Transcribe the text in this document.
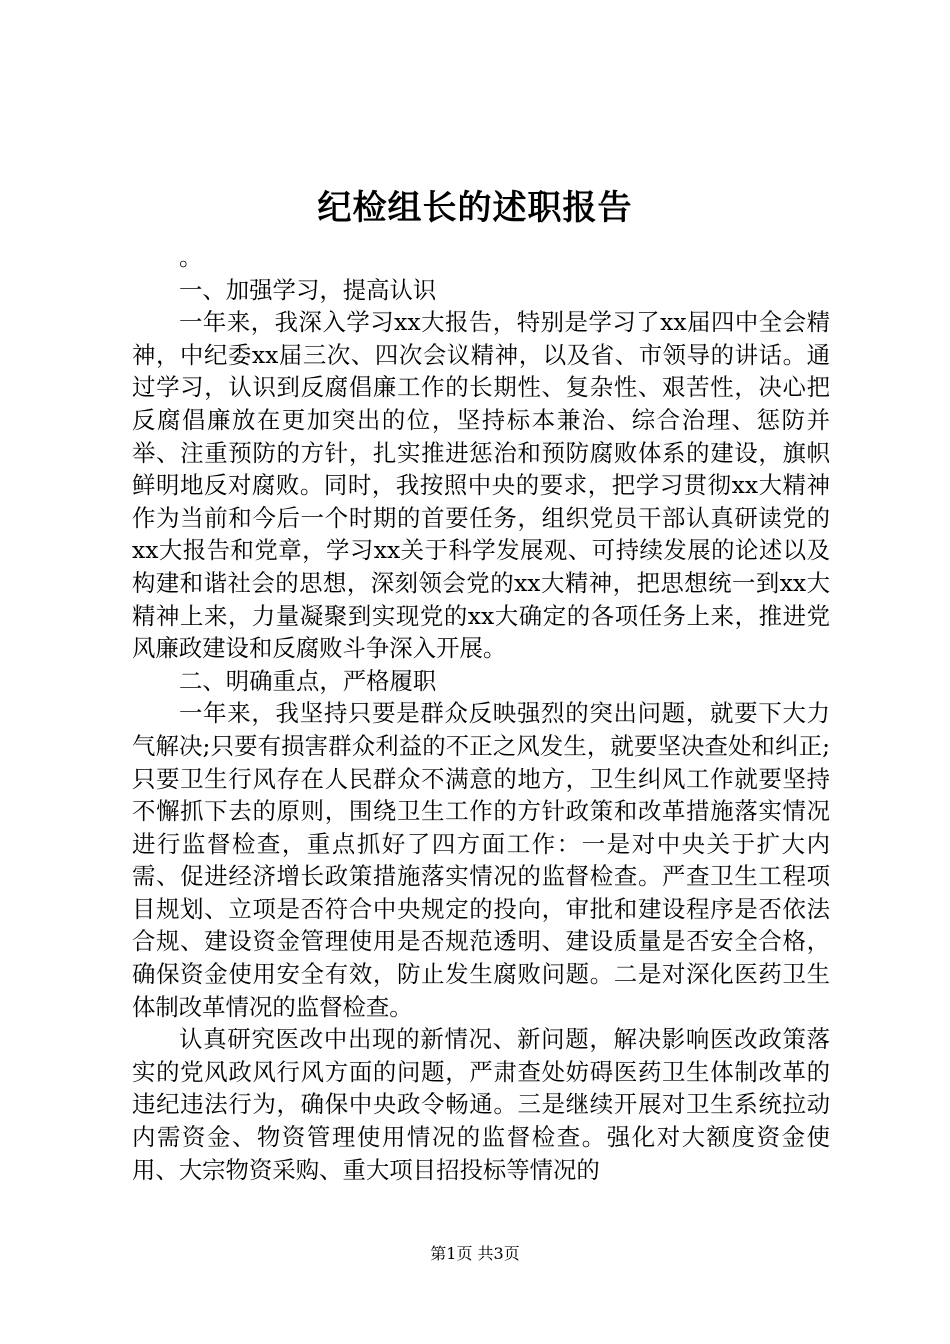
纪检组长的述职报告

。

一、加强学习，提高认识

一年来，我深入学习xx大报告，特别是学习了xx届四中全会精神，中纪委xx届三次、四次会议精神，以及省、市领导的讲话。通过学习，认识到反腐倡廉工作的长期性、复杂性、艰苦性，决心把反腐倡廉放在更加突出的位，坚持标本兼治、综合治理、惩防并举、注重预防的方针，扎实推进惩治和预防腐败体系的建设，旗帜鲜明地反对腐败。同时，我按照中央的要求，把学习贯彻xx大精神作为当前和今后一个时期的首要任务，组织党员干部认真研读党的xx大报告和党章，学习xx关于科学发展观、可持续发展的论述以及构建和谐社会的思想，深刻领会党的xx大精神，把思想统一到xx大精神上来，力量凝聚到实现党的xx大确定的各项任务上来，推进党风廉政建设和反腐败斗争深入开展。

二、明确重点，严格履职

一年来，我坚持只要是群众反映强烈的突出问题，就要下大力气解决;只要有损害群众利益的不正之风发生，就要坚决查处和纠正;只要卫生行风存在人民群众不满意的地方，卫生纠风工作就要坚持不懈抓下去的原则，围绕卫生工作的方针政策和改革措施落实情况进行监督检查，重点抓好了四方面工作：一是对中央关于扩大内需、促进经济增长政策措施落实情况的监督检查。严查卫生工程项目规划、立项是否符合中央规定的投向，审批和建设程序是否依法合规、建设资金管理使用是否规范透明、建设质量是否安全合格，确保资金使用安全有效，防止发生腐败问题。二是对深化医药卫生体制改革情况的监督检查。

认真研究医改中出现的新情况、新问题，解决影响医改政策落实的党风政风行风方面的问题，严肃查处妨碍医药卫生体制改革的违纪违法行为，确保中央政令畅通。三是继续开展对卫生系统拉动内需资金、物资管理使用情况的监督检查。强化对大额度资金使用、大宗物资采购、重大项目招投标等情况的

第1页 共3页
